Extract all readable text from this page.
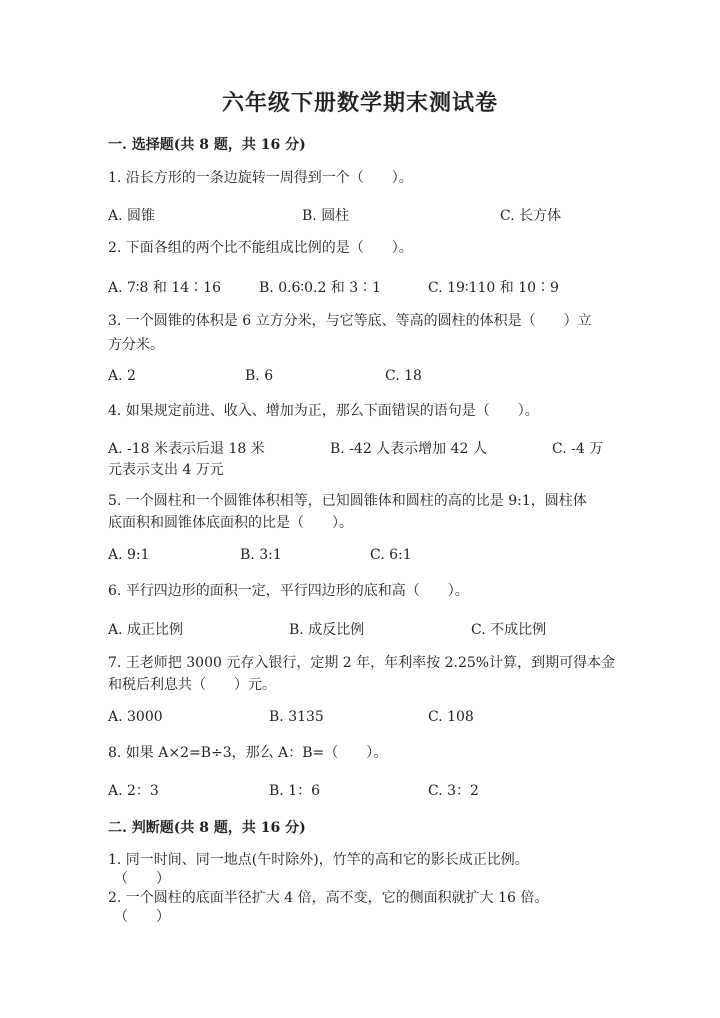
六年级下册数学期末测试卷
一. 选择题(共 8 题，共 16 分)
1. 沿长方形的一条边旋转一周得到一个（　　）。
A. 圆锥	B. 圆柱	C. 长方体
2. 下面各组的两个比不能组成比例的是（　　）。
A. 7∶8 和 14∶16	B. 0.6∶0.2 和 3∶1	C. 19∶110 和 10∶9
3. 一个圆锥的体积是 6 立方分米，与它等底、等高的圆柱的体积是（　　）立
方分米。
A. 2	B. 6	C. 18
4. 如果规定前进、收入、增加为正，那么下面错误的语句是（　　）。
A. -18 米表示后退 18 米	B. -42 人表示增加 42 人	C. -4 万
元表示支出 4 万元
5. 一个圆柱和一个圆锥体积相等，已知圆锥体和圆柱的高的比是 9:1，圆柱体
底面积和圆锥体底面积的比是（　　）。
A. 9:1	B. 3:1	C. 6:1
6. 平行四边形的面积一定，平行四边形的底和高（　　）。
A. 成正比例	B. 成反比例	C. 不成比例
7. 王老师把 3000 元存入银行，定期 2 年，年利率按 2.25%计算，到期可得本金
和税后利息共（　　）元。
A. 3000	B. 3135	C. 108
8. 如果 A×2=B÷3，那么 A：B=（　　）。
A. 2：3	B. 1：6	C. 3：2
二. 判断题(共 8 题，共 16 分)
1. 同一时间、同一地点(午时除外)，竹竿的高和它的影长成正比例。
（　　）
2. 一个圆柱的底面半径扩大 4 倍，高不变，它的侧面积就扩大 16 倍。
（　　）
